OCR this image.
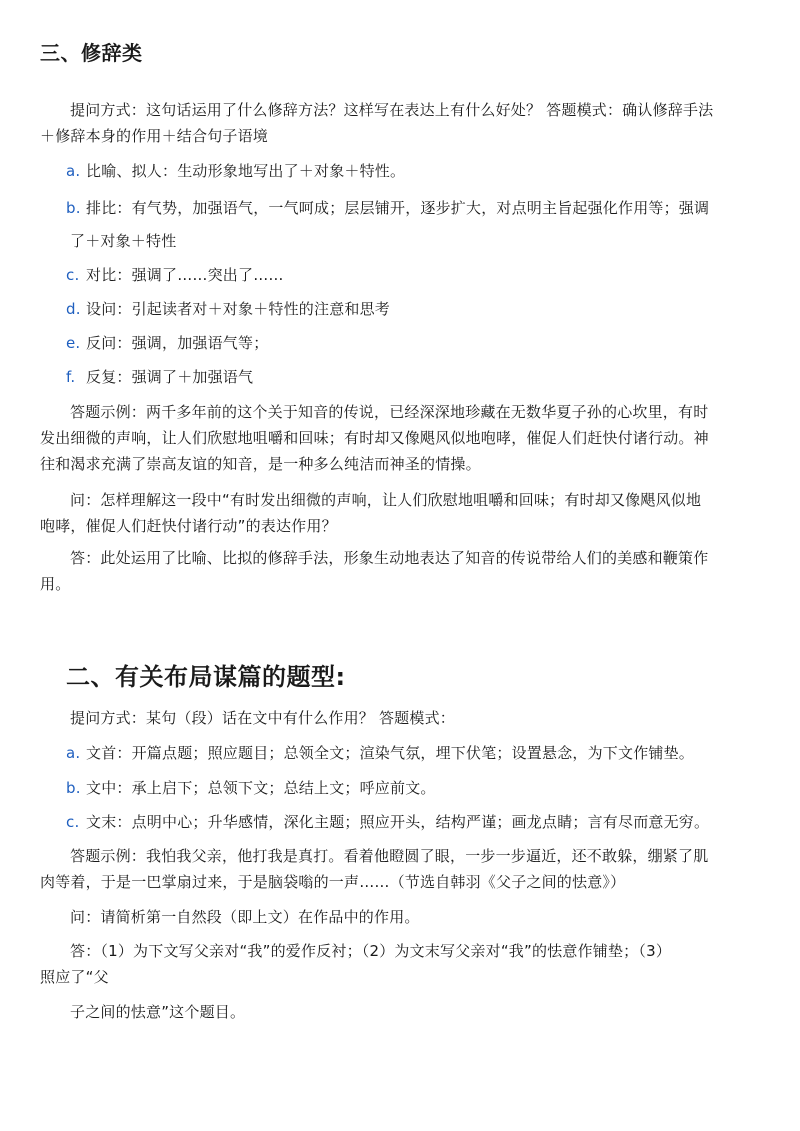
三、修辞类

提问方式：这句话运用了什么修辞方法？这样写在表达上有什么好处？ 答题模式：确认修辞手法
＋修辞本身的作用＋结合句子语境

a. 比喻、拟人：生动形象地写出了＋对象＋特性。
b. 排比：有气势，加强语气，一气呵成；层层铺开，逐步扩大，对点明主旨起强化作用等；强调
了＋对象＋特性
c. 对比：强调了……突出了……
d. 设问：引起读者对＋对象＋特性的注意和思考
e. 反问：强调，加强语气等；
f. 反复：强调了＋加强语气

答题示例：两千多年前的这个关于知音的传说，已经深深地珍藏在无数华夏子孙的心坎里，有时
发出细微的声响，让人们欣慰地咀嚼和回味；有时却又像飓风似地咆哮，催促人们赶快付诸行动。神
往和渴求充满了崇高友谊的知音，是一种多么纯洁而神圣的情操。

问：怎样理解这一段中“有时发出细微的声响，让人们欣慰地咀嚼和回味；有时却又像飓风似地
咆哮，催促人们赶快付诸行动”的表达作用？

答：此处运用了比喻、比拟的修辞手法，形象生动地表达了知音的传说带给人们的美感和鞭策作
用。

二、有关布局谋篇的题型:
提问方式：某句（段）话在文中有什么作用？ 答题模式：
a. 文首：开篇点题；照应题目；总领全文；渲染气氛，埋下伏笔；设置悬念，为下文作铺垫。
b. 文中：承上启下；总领下文；总结上文；呼应前文。
c. 文末：点明中心；升华感情，深化主题；照应开头，结构严谨；画龙点睛；言有尽而意无穷。

答题示例：我怕我父亲，他打我是真打。看着他瞪圆了眼，一步一步逼近，还不敢躲，绷紧了肌
肉等着，于是一巴掌扇过来，于是脑袋嗡的一声……（节选自韩羽《父子之间的怯意》）

问：请简析第一自然段（即上文）在作品中的作用。

答：（1）为下文写父亲对“我”的爱作反衬；（2）为文末写父亲对“我”的怯意作铺垫；（3）
照应了“父

子之间的怯意”这个题目。
